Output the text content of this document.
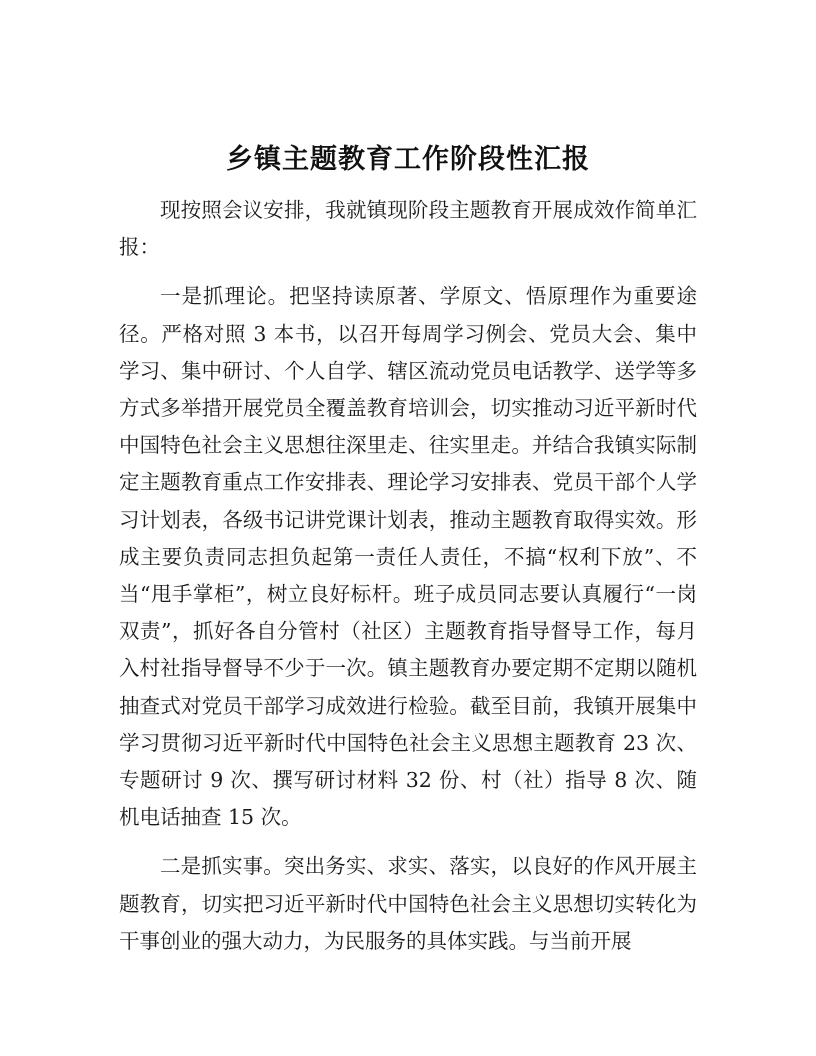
乡镇主题教育工作阶段性汇报

现按照会议安排，我就镇现阶段主题教育开展成效作简单汇报：

一是抓理论。把坚持读原著、学原文、悟原理作为重要途径。严格对照 3 本书，以召开每周学习例会、党员大会、集中学习、集中研讨、个人自学、辖区流动党员电话教学、送学等多方式多举措开展党员全覆盖教育培训会，切实推动习近平新时代中国特色社会主义思想往深里走、往实里走。并结合我镇实际制定主题教育重点工作安排表、理论学习安排表、党员干部个人学习计划表，各级书记讲党课计划表，推动主题教育取得实效。形成主要负责同志担负起第一责任人责任，不搞“权利下放”、不当“甩手掌柜”，树立良好标杆。班子成员同志要认真履行“一岗双责”，抓好各自分管村（社区）主题教育指导督导工作，每月入村社指导督导不少于一次。镇主题教育办要定期不定期以随机抽查式对党员干部学习成效进行检验。截至目前，我镇开展集中学习贯彻习近平新时代中国特色社会主义思想主题教育 23 次、专题研讨 9 次、撰写研讨材料 32 份、村（社）指导 8 次、随机电话抽查 15 次。

二是抓实事。突出务实、求实、落实，以良好的作风开展主题教育，切实把习近平新时代中国特色社会主义思想切实转化为干事创业的强大动力，为民服务的具体实践。与当前开展
